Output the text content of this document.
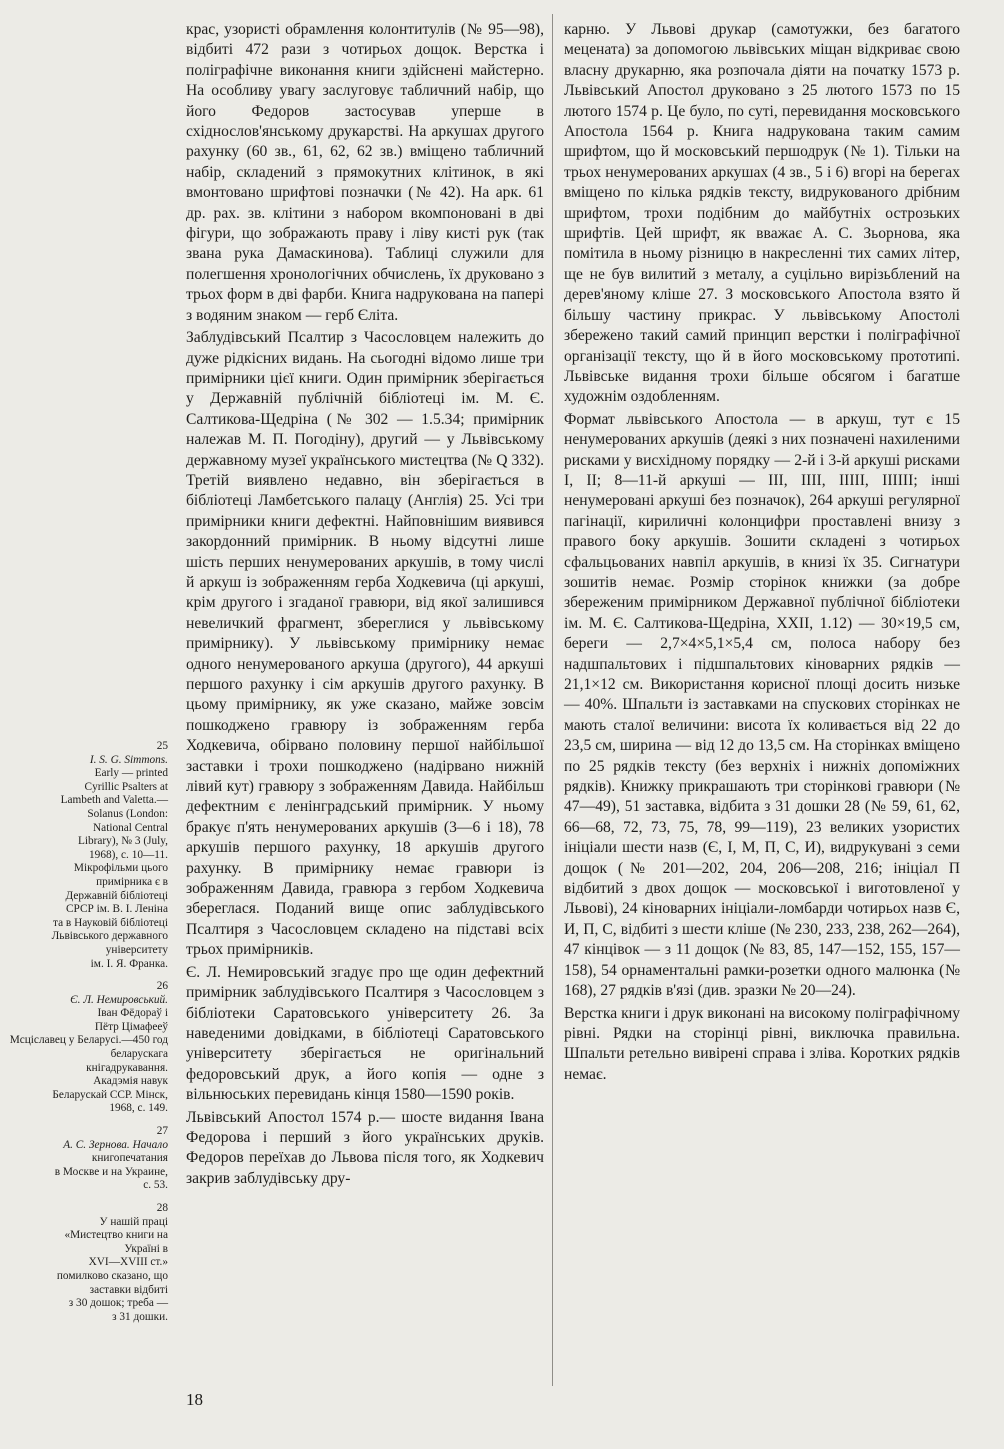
25
I. S. G. Simmons.
Early — printed
Cyrillic Psalters at
Lambeth and Valetta.—
Solanus (London:
National Central
Library), № 3 (July,
1968), с. 10—11.
Мікрофільми цього
примірника є в
Державній бібліотеці
СРСР ім. В. І. Леніна
та в Науковій бібліотеці
Львівського державного
університету
ім. І. Я. Франка.
26
Є. Л. Немировський.
Іван Фёдораў і
Пётр Цімафееў
Мсціславец у Беларусі.—450 год беларускага
кнігадрукавання.
Акадэмія навук
Беларускай ССР. Мінск,
1968, с. 149.
27
А. С. Зернова. Начало
книгопечатания
в Москве и на Украине,
с. 53.
28
У нашій праці
«Мистецтво книги на
Україні в
XVI—XVIII ст.»
помилково сказано, що
заставки відбиті
з 30 дошок; треба —
з 31 дошки.

крас, узористі обрамлення колонтитулів (№ 95—98), відбиті 472 рази з чотирьох дощок. Верстка і поліграфічне виконання книги здійснені майстерно. На особливу увагу заслуговує табличний набір, що його Федоров застосував уперше в східнослов'янському друкарстві. На аркушах другого рахунку (60 зв., 61, 62, 62 зв.) вміщено табличний набір, складений з прямокутних клітинок, в які вмонтовано шрифтові позначки (№ 42). На арк. 61 др. рах. зв. клітини з набором вкомпоновані в дві фігури, що зображають праву і ліву кисті рук (так звана рука Дамаскинова). Таблиці служили для полегшення хронологічних обчислень, їх друковано з трьох форм в дві фарби. Книга надрукована на папері з водяним знаком — герб Єліта.

Заблудівський Псалтир з Часословцем належить до дуже рідкісних видань. На сьогодні відомо лише три примірники цієї книги. Один примірник зберігається у Державній публічній бібліотеці ім. М. Є. Салтикова-Щедріна (№ 302 — 1.5.34; примірник належав М. П. Погодіну), другий — у Львівському державному музеї українського мистецтва (№ Q 332). Третій виявлено недавно, він зберігається в бібліотеці Ламбетського палацу (Англія) 25. Усі три примірники книги дефектні. Найповнішим виявився закордонний примірник. В ньому відсутні лише шість перших ненумерованих аркушів, в тому числі й аркуш із зображенням герба Ходкевича (ці аркуші, крім другого і згаданої гравюри, від якої залишився невеличкий фрагмент, збереглися у львівському примірнику). У львівському примірнику немає одного ненумерованого аркуша (другого), 44 аркуші першого рахунку і сім аркушів другого рахунку. В цьому примірнику, як уже сказано, майже зовсім пошкоджено гравюру із зображенням герба Ходкевича, обірвано половину першої найбільшої заставки і трохи пошкоджено (надірвано нижній лівий кут) гравюру з зображенням Давида. Найбільш дефектним є ленінградський примірник. У ньому бракує п'ять ненумерованих аркушів (3—6 і 18), 78 аркушів першого рахунку, 18 аркушів другого рахунку. В примірнику немає гравюри із зображенням Давида, гравюра з гербом Ходкевича збереглася. Поданий вище опис заблудівського Псалтиря з Часословцем складено на підставі всіх трьох примірників.

Є. Л. Немировський згадує про ще один дефектний примірник заблудівського Псалтиря з Часословцем з бібліотеки Саратовського університету 26. За наведеними довідками, в бібліотеці Саратовського університету зберігається не оригінальний федоровський друк, а його копія — одне з вільнюських перевидань кінця 1580—1590 років.

Львівський Апостол 1574 р.— шосте видання Івана Федорова і перший з його українських друків. Федоров переїхав до Львова після того, як Ходкевич закрив заблудівську дру-

карню. У Львові друкар (самотужки, без багатого мецената) за допомогою львівських міщан відкриває свою власну друкарню, яка розпочала діяти на початку 1573 р. Львівський Апостол друковано з 25 лютого 1573 по 15 лютого 1574 р. Це було, по суті, перевидання московського Апостола 1564 р. Книга надрукована таким самим шрифтом, що й московський першодрук (№ 1). Тільки на трьох ненумерованих аркушах (4 зв., 5 і 6) вгорі на берегах вміщено по кілька рядків тексту, видрукованого дрібним шрифтом, трохи подібним до майбутніх острозьких шрифтів. Цей шрифт, як вважає А. С. Зьорнова, яка помітила в ньому різницю в накресленні тих самих літер, ще не був вилитий з металу, а суцільно вирізьблений на дерев'яному кліше 27. З московського Апостола взято й більшу частину прикрас. У львівському Апостолі збережено такий самий принцип верстки і поліграфічної організації тексту, що й в його московському прототипі. Львівське видання трохи більше обсягом і багатше художнім оздобленням.

Формат львівського Апостола — в аркуш, тут є 15 ненумерованих аркушів (деякі з них позначені нахиленими рисками у висхідному порядку — 2-й і 3-й аркуші рисками I, II; 8—11-й аркуші — III, IIII, IIIII, IIIIII; інші ненумеровані аркуші без позначок), 264 аркуші регулярної пагінації, кириличні колонцифри проставлені внизу з правого боку аркушів. Зошити складені з чотирьох сфальцьованих навпіл аркушів, в книзі їх 35. Сигнатури зошитів немає. Розмір сторінок книжки (за добре збереженим примірником Державної публічної бібліотеки ім. М. Є. Салтикова-Щедріна, XXII, 1.12) — 30×19,5 см, береги — 2,7×4×5,1×5,4 см, полоса набору без надшпальтових і підшпальтових кіноварних рядків — 21,1×12 см. Використання корисної площі досить низьке — 40%. Шпальти із заставками на спускових сторінках не мають сталої величини: висота їх коливається від 22 до 23,5 см, ширина — від 12 до 13,5 см. На сторінках вміщено по 25 рядків тексту (без верхніх і нижніх допоміжних рядків). Книжку прикрашають три сторінкові гравюри (№ 47—49), 51 заставка, відбита з 31 дошки 28 (№ 59, 61, 62, 66—68, 72, 73, 75, 78, 99—119), 23 великих узористих ініціали шести назв (Є, І, М, П, С, И), видрукувані з семи дощок (№ 201—202, 204, 206—208, 216; ініціал П відбитий з двох дощок — московської і виготовленої у Львові), 24 кіноварних ініціали-ломбарди чотирьох назв Є, И, П, С, відбиті з шести кліше (№ 230, 233, 238, 262—264), 47 кінцівок — з 11 дощок (№ 83, 85, 147—152, 155, 157—158), 54 орнаментальні рамки-розетки одного малюнка (№ 168), 27 рядків в'язі (див. зразки № 20—24).

Верстка книги і друк виконані на високому поліграфічному рівні. Рядки на сторінці рівні, виключка правильна. Шпальти ретельно вивірені справа і зліва. Коротких рядків немає.

18
